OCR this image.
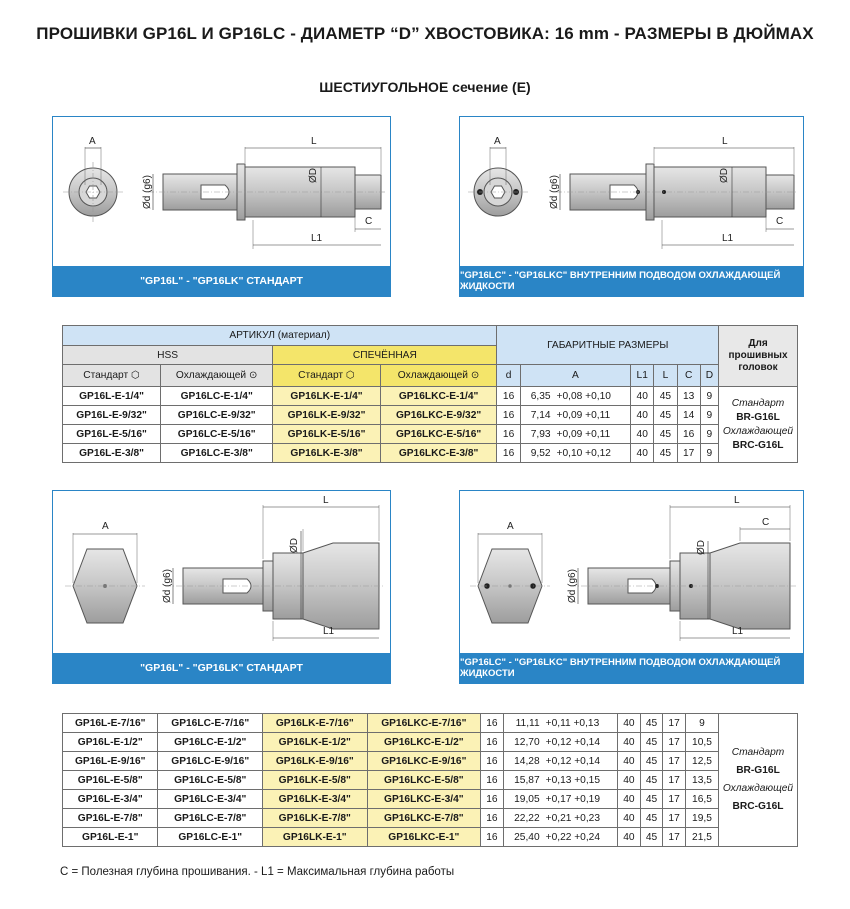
ПРОШИВКИ GP16L И GP16LC - ДИАМЕТР “D” ХВОСТОВИКА: 16 mm - РАЗМЕРЫ В ДЮЙМАХ
ШЕСТИУГОЛЬНОЕ сечение (E)
A	L
ØD
Ød (g6)
C
L1
"GP16L" - "GP16LK" СТАНДАРТ
A	L
ØD
Ød (g6)
C
L1
"GP16LC" - "GP16LKC" ВНУТРЕННИМ ПОДВОДОМ ОХЛАЖДАЮЩЕЙ ЖИДКОСТИ
АРТИКУЛ (материал)				ГАБАРИТНЫЕ РАЗМЕРЫ							Для прошивных головок
HSS		СПЕЧЁННАЯ									
Стандарт ⬡	Охлаждающей ⊙	Стандарт ⬡	Охлаждающей ⊙	d	A		L1	L	C	D	
GP16L-E-1/4"	GP16LC-E-1/4"	GP16LK-E-1/4"	GP16LKC-E-1/4"	16	6,35	+0,08 +0,10	40	45	13	9	Стандарт
BR-G16L
Охлаждающей
BRC-G16L

GP16L-E-9/32"	GP16LC-E-9/32"	GP16LK-E-9/32"	GP16LKC-E-9/32"	16	7,14	+0,09 +0,11	40	45	14	9	
GP16L-E-5/16"	GP16LC-E-5/16"	GP16LK-E-5/16"	GP16LKC-E-5/16"	16	7,93	+0,09 +0,11	40	45	16	9	
GP16L-E-3/8"	GP16LC-E-3/8"	GP16LK-E-3/8"	GP16LKC-E-3/8"	16	9,52	+0,10 +0,12	40	45	17	9	
A
L
ØD
Ød (g6)
L1
"GP16L" - "GP16LK" СТАНДАРТ
A
L
C
ØD
Ød (g6)
L1
"GP16LC" - "GP16LKC" ВНУТРЕННИМ ПОДВОДОМ ОХЛАЖДАЮЩЕЙ ЖИДКОСТИ
GP16L-E-7/16"	GP16LC-E-7/16"	GP16LK-E-7/16"	GP16LKC-E-7/16"	16	11,11	+0,11 +0,13	40	45	17	9	Стандарт
BR-G16L
Охлаждающей
BRC-G16L

GP16L-E-1/2"	GP16LC-E-1/2"	GP16LK-E-1/2"	GP16LKC-E-1/2"	16	12,70	+0,12 +0,14	40	45	17	10,5	
GP16L-E-9/16"	GP16LC-E-9/16"	GP16LK-E-9/16"	GP16LKC-E-9/16"	16	14,28	+0,12 +0,14	40	45	17	12,5	
GP16L-E-5/8"	GP16LC-E-5/8"	GP16LK-E-5/8"	GP16LKC-E-5/8"	16	15,87	+0,13 +0,15	40	45	17	13,5	
GP16L-E-3/4"	GP16LC-E-3/4"	GP16LK-E-3/4"	GP16LKC-E-3/4"	16	19,05	+0,17 +0,19	40	45	17	16,5	
GP16L-E-7/8"	GP16LC-E-7/8"	GP16LK-E-7/8"	GP16LKC-E-7/8"	16	22,22	+0,21 +0,23	40	45	17	19,5	
GP16L-E-1"	GP16LC-E-1"	GP16LK-E-1"	GP16LKC-E-1"	16	25,40	+0,22 +0,24	40	45	17	21,5	
C = Полезная глубина прошивания. - L1 = Максимальная глубина работы
